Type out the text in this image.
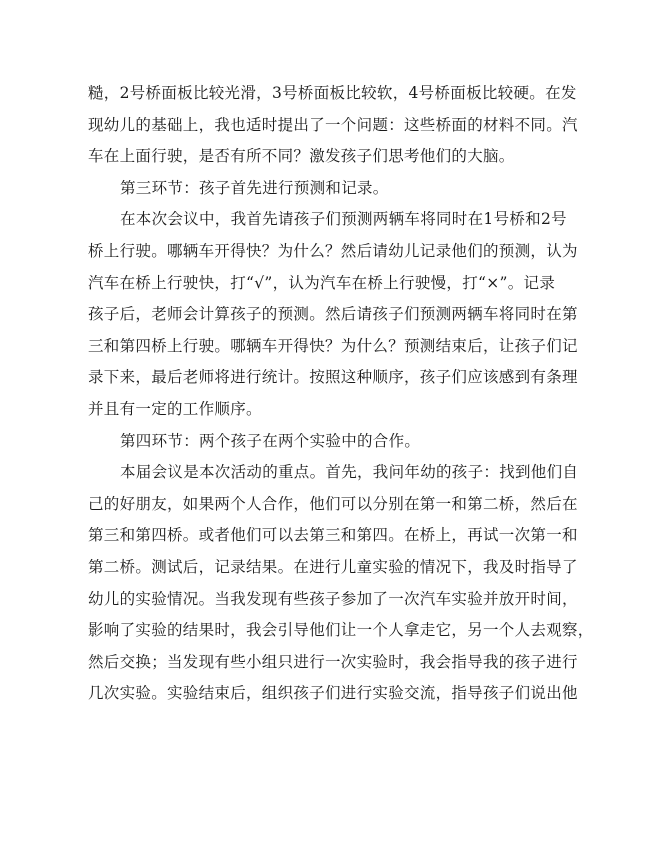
糙，2号桥面板比较光滑，3号桥面板比较软，4号桥面板比较硬。在发
现幼儿的基础上，我也适时提出了一个问题：这些桥面的材料不同。汽
车在上面行驶，是否有所不同？激发孩子们思考他们的大脑。
第三环节：孩子首先进行预测和记录。
在本次会议中，我首先请孩子们预测两辆车将同时在1号桥和2号
桥上行驶。哪辆车开得快？为什么？然后请幼儿记录他们的预测，认为
汽车在桥上行驶快，打“√”，认为汽车在桥上行驶慢，打“×”。记录
孩子后，老师会计算孩子的预测。然后请孩子们预测两辆车将同时在第
三和第四桥上行驶。哪辆车开得快？为什么？预测结束后，让孩子们记
录下来，最后老师将进行统计。按照这种顺序，孩子们应该感到有条理
并且有一定的工作顺序。
第四环节：两个孩子在两个实验中的合作。
本届会议是本次活动的重点。首先，我问年幼的孩子：找到他们自
己的好朋友，如果两个人合作，他们可以分别在第一和第二桥，然后在
第三和第四桥。或者他们可以去第三和第四。在桥上，再试一次第一和
第二桥。测试后，记录结果。在进行儿童实验的情况下，我及时指导了
幼儿的实验情况。当我发现有些孩子参加了一次汽车实验并放开时间，
影响了实验的结果时，我会引导他们让一个人拿走它，另一个人去观察，
然后交换；当发现有些小组只进行一次实验时，我会指导我的孩子进行
几次实验。实验结束后，组织孩子们进行实验交流，指导孩子们说出他
